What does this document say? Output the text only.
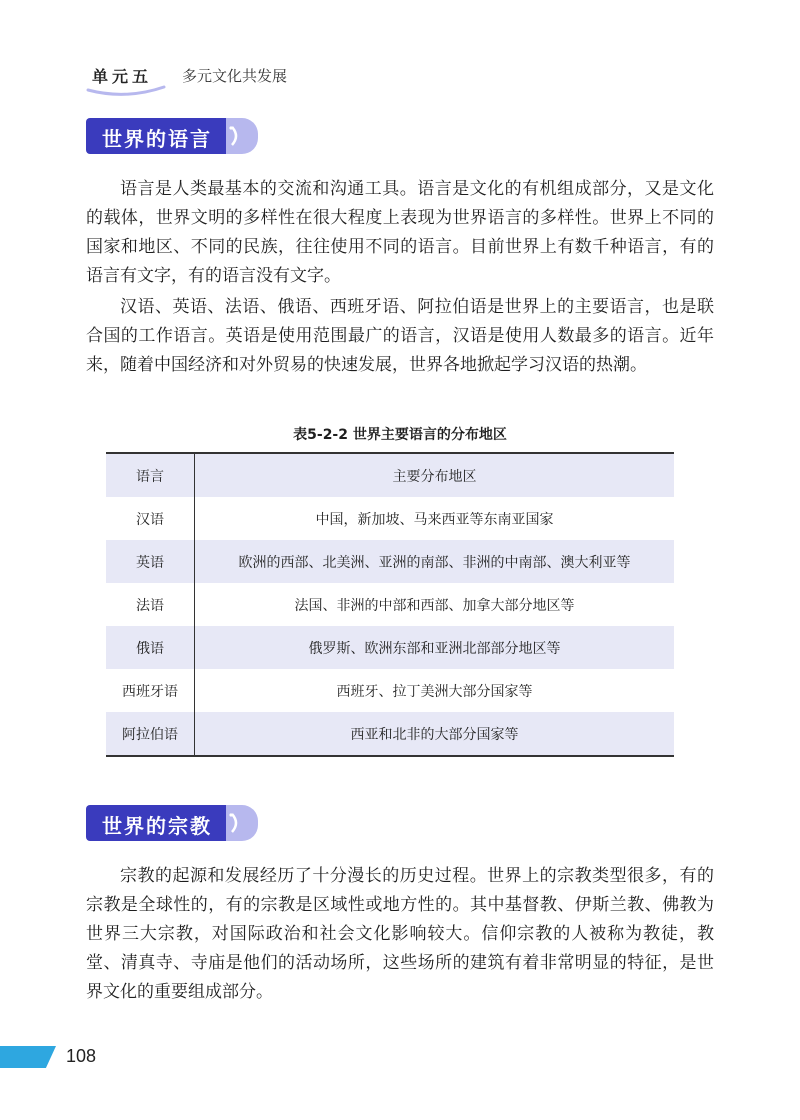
单元五 多元文化共发展
世界的语言

语言是人类最基本的交流和沟通工具。语言是文化的有机组成部分，又是文化的载体，世界文明的多样性在很大程度上表现为世界语言的多样性。世界上不同的国家和地区、不同的民族，往往使用不同的语言。目前世界上有数千种语言，有的语言有文字，有的语言没有文字。

汉语、英语、法语、俄语、西班牙语、阿拉伯语是世界上的主要语言，也是联合国的工作语言。英语是使用范围最广的语言，汉语是使用人数最多的语言。近年来，随着中国经济和对外贸易的快速发展，世界各地掀起学习汉语的热潮。

表5-2-2 世界主要语言的分布地区
语言	主要分布地区
汉语	中国，新加坡、马来西亚等东南亚国家
英语	欧洲的西部、北美洲、亚洲的南部、非洲的中南部、澳大利亚等
法语	法国、非洲的中部和西部、加拿大部分地区等
俄语	俄罗斯、欧洲东部和亚洲北部部分地区等
西班牙语	西班牙、拉丁美洲大部分国家等
阿拉伯语	西亚和北非的大部分国家等
世界的宗教

宗教的起源和发展经历了十分漫长的历史过程。世界上的宗教类型很多，有的宗教是全球性的，有的宗教是区域性或地方性的。其中基督教、伊斯兰教、佛教为世界三大宗教，对国际政治和社会文化影响较大。信仰宗教的人被称为教徒，教堂、清真寺、寺庙是他们的活动场所，这些场所的建筑有着非常明显的特征，是世界文化的重要组成部分。

108
